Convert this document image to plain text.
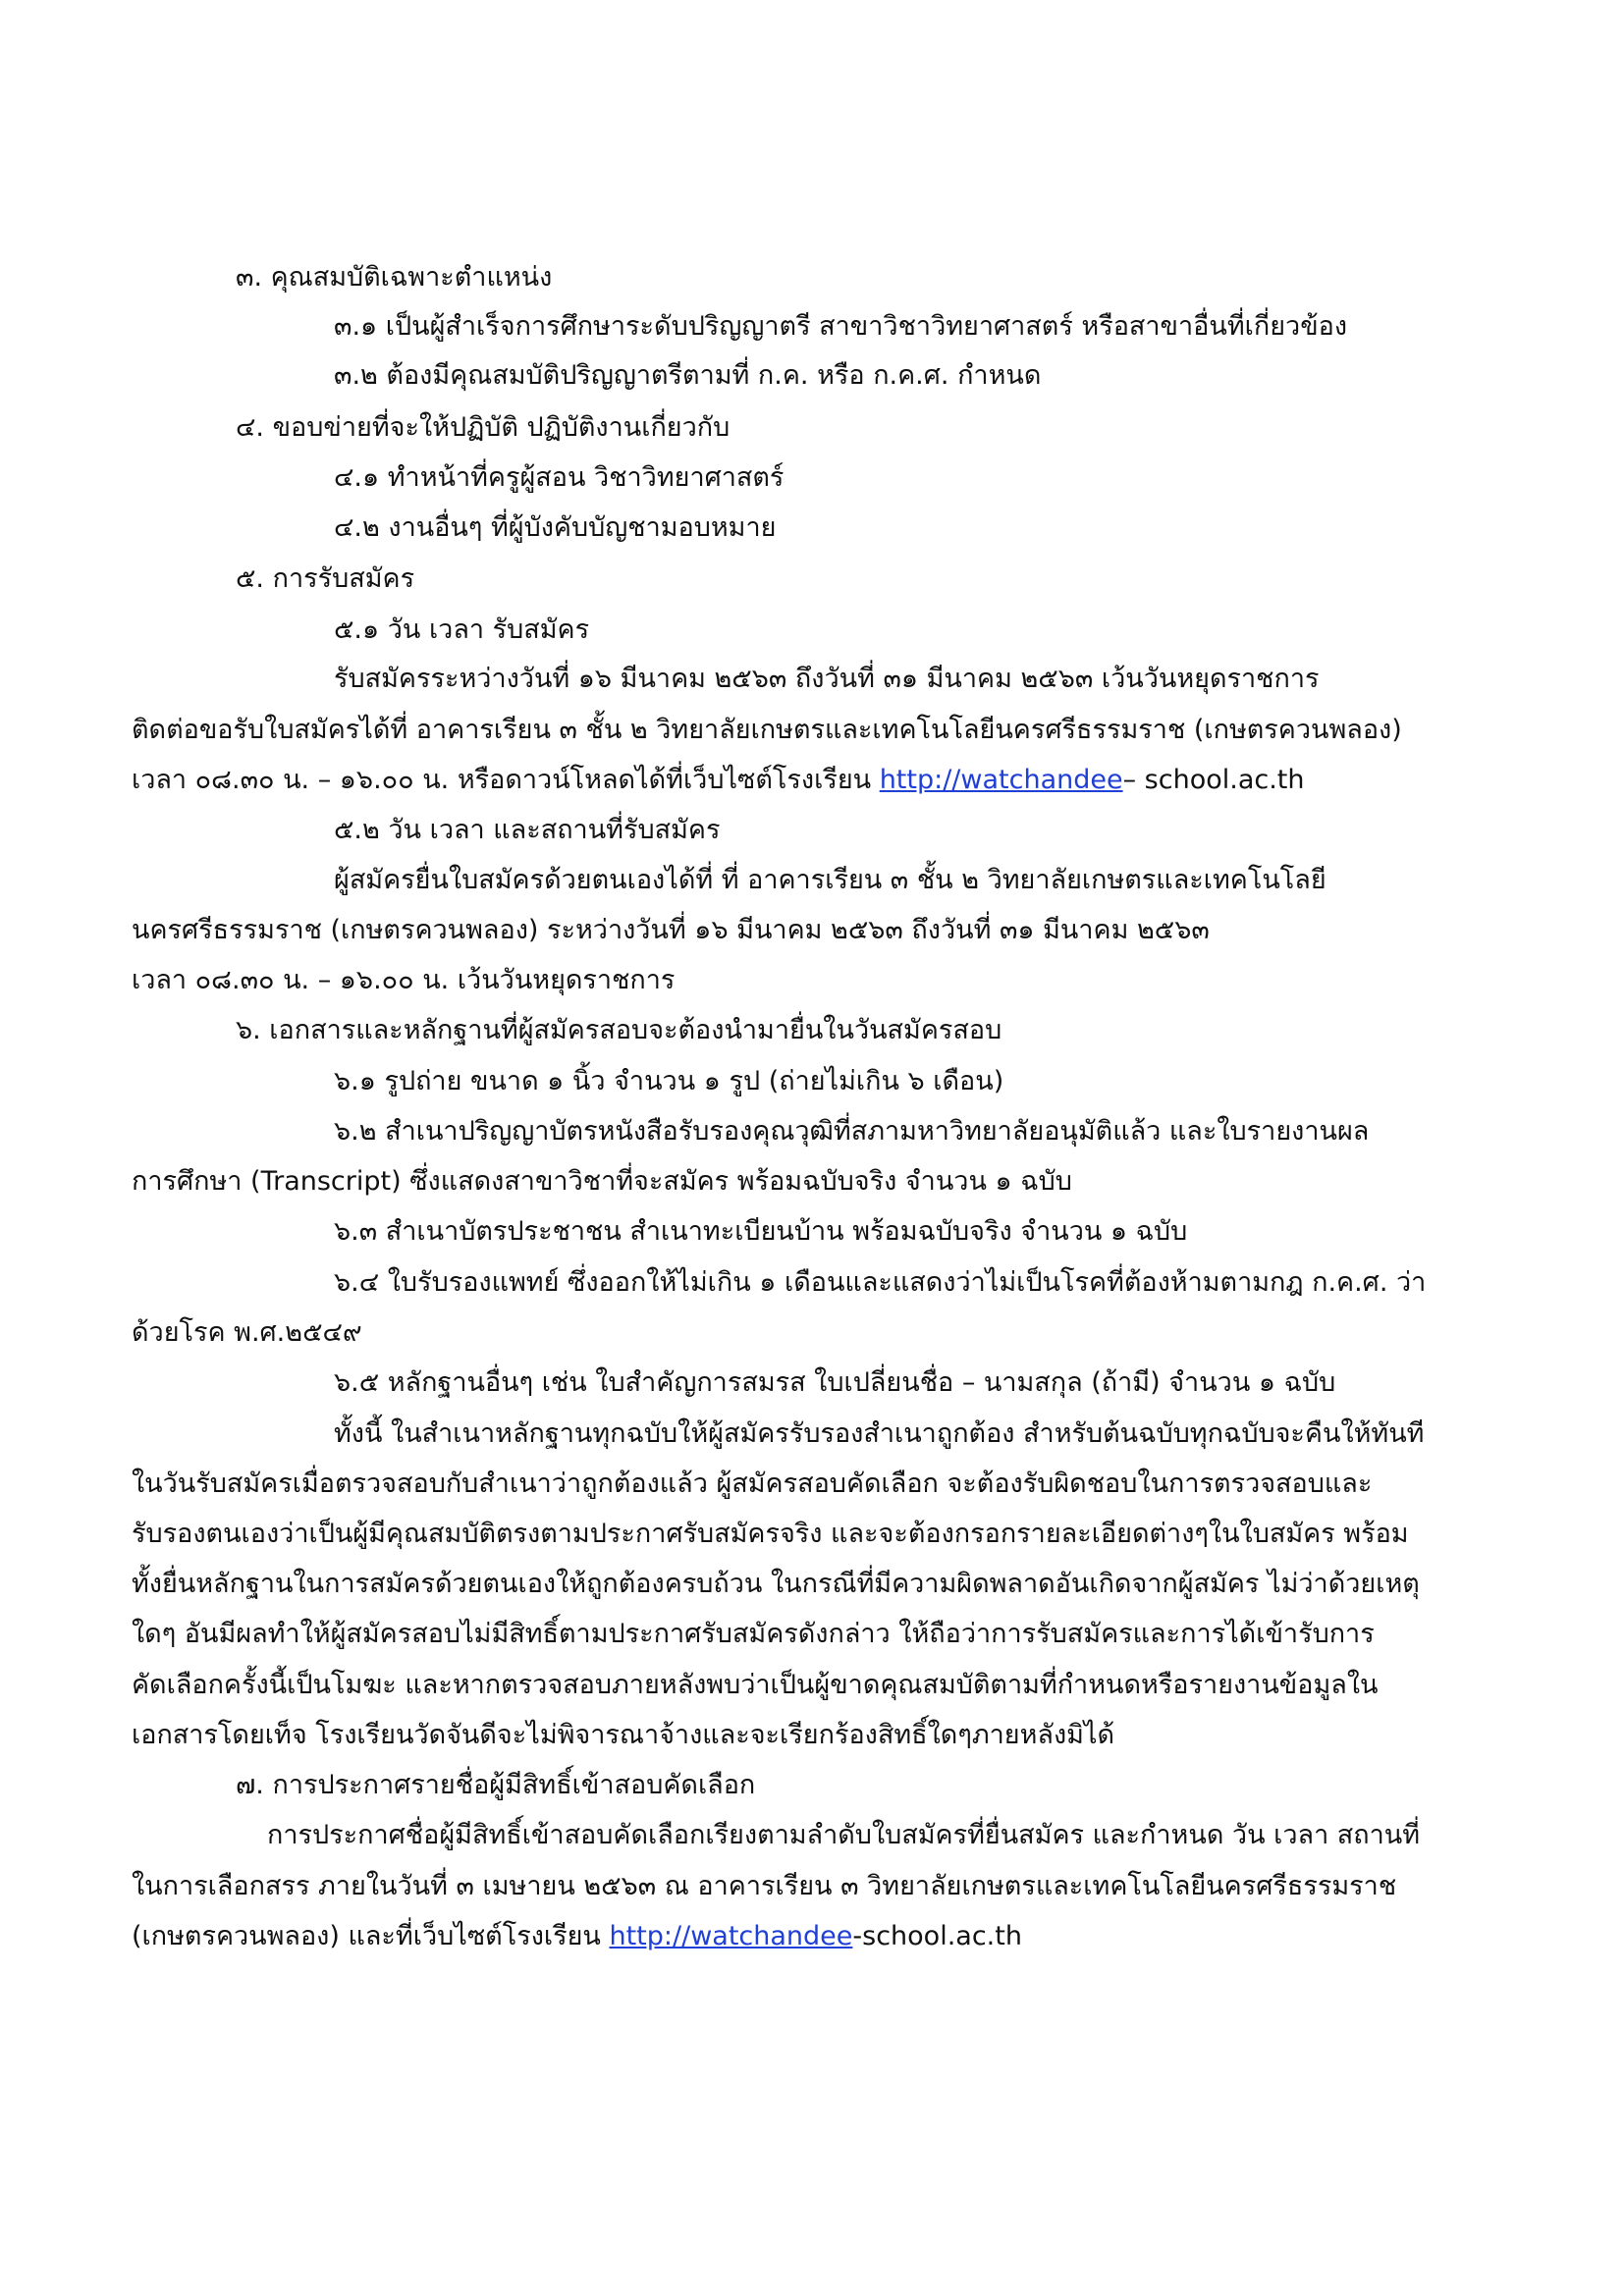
๓. คุณสมบัติเฉพาะตำแหน่ง
๓.๑ เป็นผู้สำเร็จการศึกษาระดับปริญญาตรี สาขาวิชาวิทยาศาสตร์ หรือสาขาอื่นที่เกี่ยวข้อง
๓.๒ ต้องมีคุณสมบัติปริญญาตรีตามที่ ก.ค. หรือ ก.ค.ศ. กำหนด
๔. ขอบข่ายที่จะให้ปฏิบัติ ปฏิบัติงานเกี่ยวกับ
๔.๑ ทำหน้าที่ครูผู้สอน วิชาวิทยาศาสตร์
๔.๒ งานอื่นๆ ที่ผู้บังคับบัญชามอบหมาย
๕. การรับสมัคร
๕.๑ วัน เวลา รับสมัคร
รับสมัครระหว่างวันที่ ๑๖ มีนาคม ๒๕๖๓ ถึงวันที่ ๓๑ มีนาคม ๒๕๖๓ เว้นวันหยุดราชการ
ติดต่อขอรับใบสมัครได้ที่ อาคารเรียน ๓ ชั้น ๒ วิทยาลัยเกษตรและเทคโนโลยีนครศรีธรรมราช (เกษตรควนพลอง)
เวลา ๐๘.๓๐ น. – ๑๖.๐๐ น. หรือดาวน์โหลดได้ที่เว็บไซต์โรงเรียน http://watchandee– school.ac.th
๕.๒ วัน เวลา และสถานที่รับสมัคร
ผู้สมัครยื่นใบสมัครด้วยตนเองได้ที่ ที่ อาคารเรียน ๓ ชั้น ๒ วิทยาลัยเกษตรและเทคโนโลยี
นครศรีธรรมราช (เกษตรควนพลอง) ระหว่างวันที่ ๑๖ มีนาคม ๒๕๖๓ ถึงวันที่ ๓๑ มีนาคม ๒๕๖๓
เวลา ๐๘.๓๐ น. – ๑๖.๐๐ น. เว้นวันหยุดราชการ
๖. เอกสารและหลักฐานที่ผู้สมัครสอบจะต้องนำมายื่นในวันสมัครสอบ
๖.๑ รูปถ่าย ขนาด ๑ นิ้ว จำนวน ๑ รูป (ถ่ายไม่เกิน ๖ เดือน)
๖.๒ สำเนาปริญญาบัตรหนังสือรับรองคุณวุฒิที่สภามหาวิทยาลัยอนุมัติแล้ว และใบรายงานผล
การศึกษา (Transcript) ซึ่งแสดงสาขาวิชาที่จะสมัคร พร้อมฉบับจริง จำนวน ๑ ฉบับ
๖.๓ สำเนาบัตรประชาชน สำเนาทะเบียนบ้าน พร้อมฉบับจริง จำนวน ๑ ฉบับ
๖.๔ ใบรับรองแพทย์ ซึ่งออกให้ไม่เกิน ๑ เดือนและแสดงว่าไม่เป็นโรคที่ต้องห้ามตามกฎ ก.ค.ศ. ว่า
ด้วยโรค พ.ศ.๒๕๔๙
๖.๕ หลักฐานอื่นๆ เช่น ใบสำคัญการสมรส ใบเปลี่ยนชื่อ – นามสกุล (ถ้ามี) จำนวน ๑ ฉบับ
ทั้งนี้ ในสำเนาหลักฐานทุกฉบับให้ผู้สมัครรับรองสำเนาถูกต้อง สำหรับต้นฉบับทุกฉบับจะคืนให้ทันที
ในวันรับสมัครเมื่อตรวจสอบกับสำเนาว่าถูกต้องแล้ว ผู้สมัครสอบคัดเลือก จะต้องรับผิดชอบในการตรวจสอบและ
รับรองตนเองว่าเป็นผู้มีคุณสมบัติตรงตามประกาศรับสมัครจริง และจะต้องกรอกรายละเอียดต่างๆในใบสมัคร พร้อม
ทั้งยื่นหลักฐานในการสมัครด้วยตนเองให้ถูกต้องครบถ้วน ในกรณีที่มีความผิดพลาดอันเกิดจากผู้สมัคร ไม่ว่าด้วยเหตุ
ใดๆ อันมีผลทำให้ผู้สมัครสอบไม่มีสิทธิ์ตามประกาศรับสมัครดังกล่าว ให้ถือว่าการรับสมัครและการได้เข้ารับการ
คัดเลือกครั้งนี้เป็นโมฆะ และหากตรวจสอบภายหลังพบว่าเป็นผู้ขาดคุณสมบัติตามที่กำหนดหรือรายงานข้อมูลใน
เอกสารโดยเท็จ โรงเรียนวัดจันดีจะไม่พิจารณาจ้างและจะเรียกร้องสิทธิ์ใดๆภายหลังมิได้
๗. การประกาศรายชื่อผู้มีสิทธิ์เข้าสอบคัดเลือก
การประกาศชื่อผู้มีสิทธิ์เข้าสอบคัดเลือกเรียงตามลำดับใบสมัครที่ยื่นสมัคร และกำหนด วัน เวลา สถานที่
ในการเลือกสรร ภายในวันที่ ๓ เมษายน ๒๕๖๓ ณ อาคารเรียน ๓ วิทยาลัยเกษตรและเทคโนโลยีนครศรีธรรมราช
(เกษตรควนพลอง) และที่เว็บไซต์โรงเรียน http://watchandee-school.ac.th
